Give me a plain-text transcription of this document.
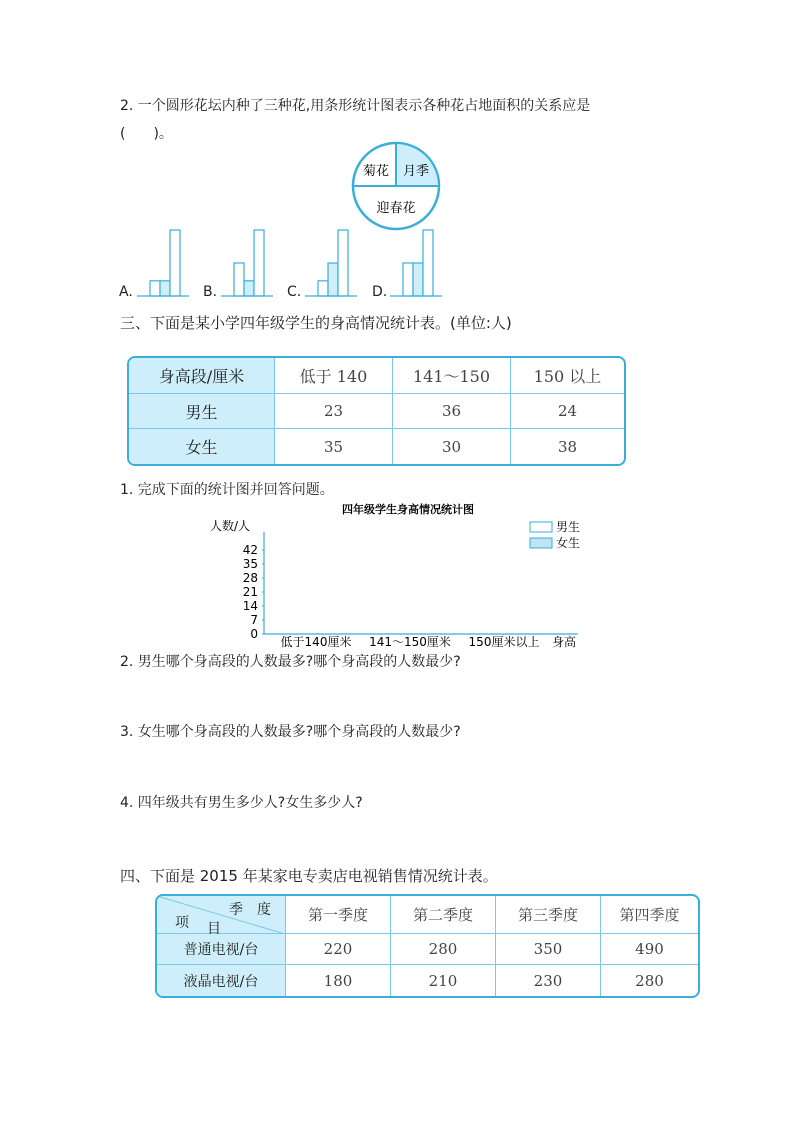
2. 一个圆形花坛内种了三种花,用条形统计图表示各种花占地面积的关系应是
(　　)。
菊花 月季
迎春花
A.	B.	C.	D.
三、下面是某小学四年级学生的身高情况统计表。(单位:人)
身高段/厘米	低于 140	141～150	150 以上
男生	23	36	24
女生	35	30	38
1. 完成下面的统计图并回答问题。
四年级学生身高情况统计图
人数/人
身高
男生
女生
0
7
14
21
28
35
42
低于140厘米 141～150厘米 150厘米以上
2. 男生哪个身高段的人数最多?哪个身高段的人数最少?
3. 女生哪个身高段的人数最多?哪个身高段的人数最少?
4. 四年级共有男生多少人?女生多少人?
四、下面是 2015 年某家电专卖店电视销售情况统计表。
季　度
项 目	第一季度	第二季度	第三季度	第四季度
普通电视/台	220	280	350	490
液晶电视/台	180	210	230	280
